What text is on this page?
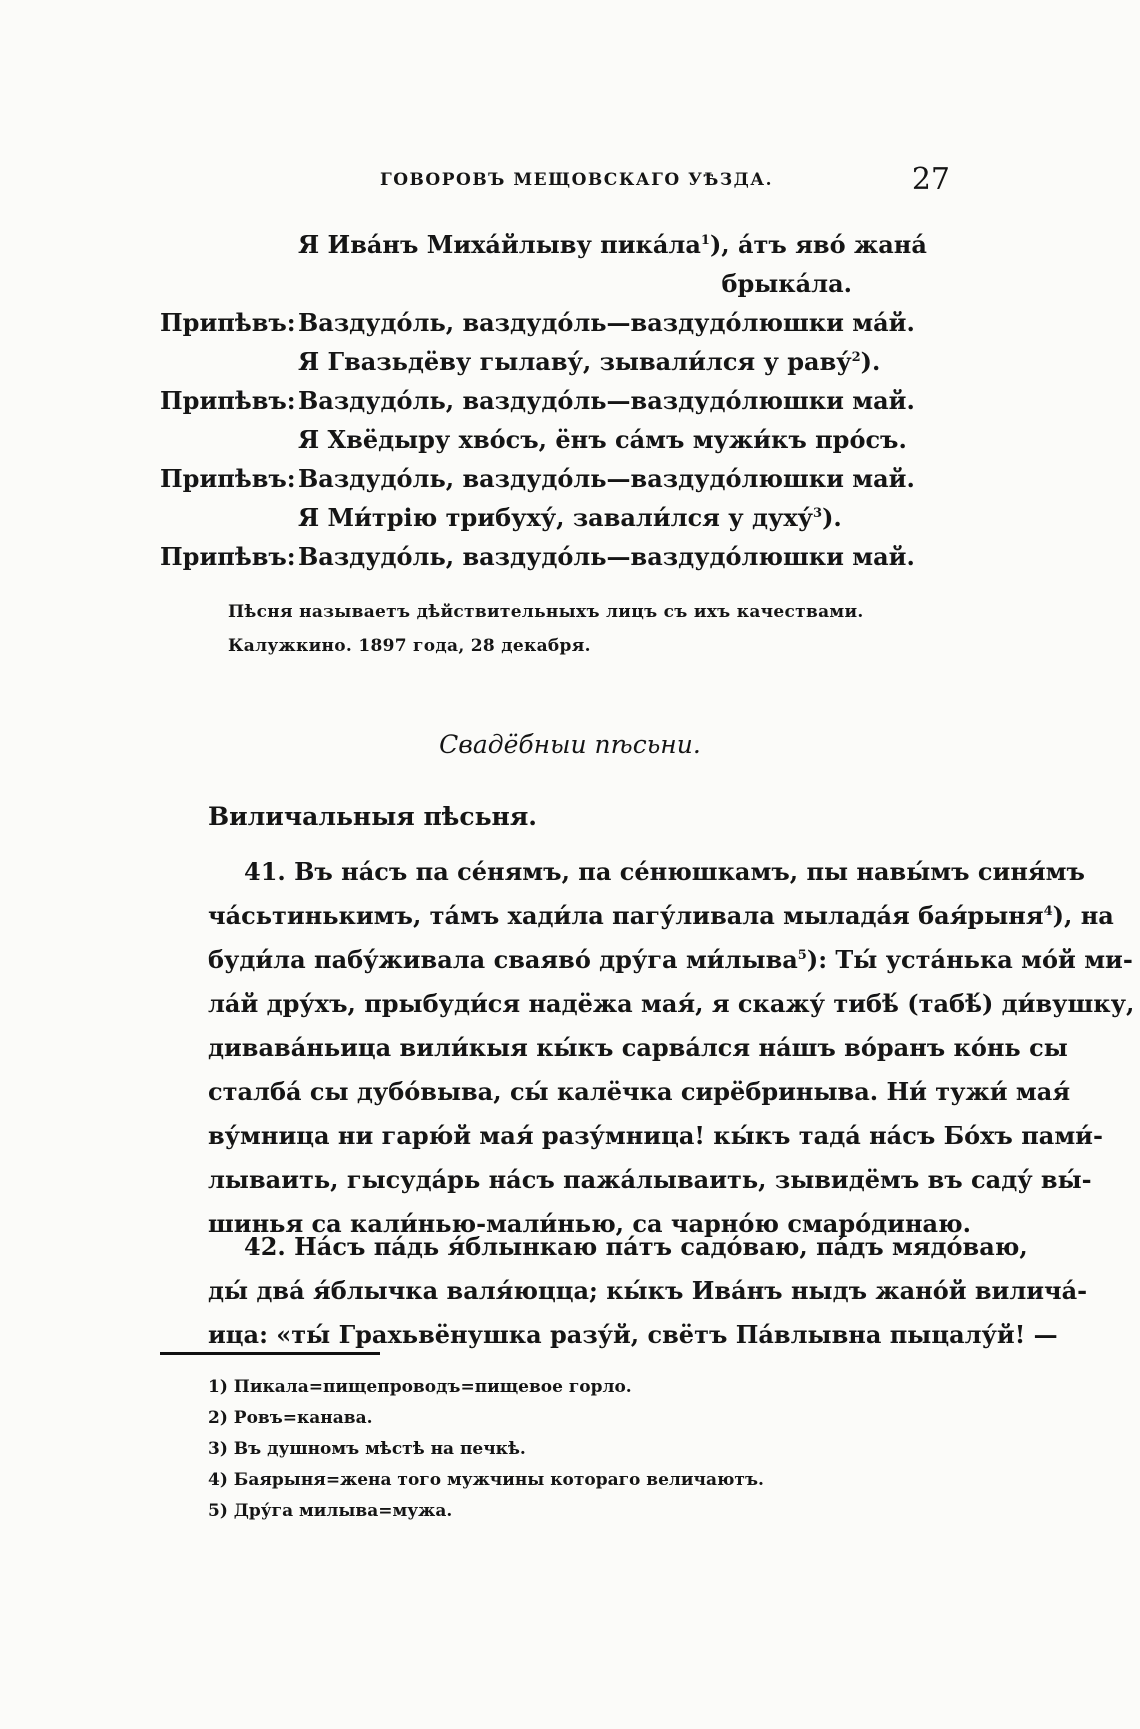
ГОВОРОВЪ МЕЩОВСКАГО УѢЗДА.	27
Я Ива́нъ Миха́йлыву $пика́ла^1$), а́тъ яво́ жана́
брыка́ла.
Припѣвъ: Вaздудо́ль, ваздудо́ль—ваздудо́люшки мáй.
Я Гвазьдёву гылаву́, зывали́лся у раву́$^2$).
Припѣвъ: Ваздудо́ль, ваздудо́ль—ваздудо́люшки май.
Я Хвёдыру хво́съ, ёнъ са́мъ мужи́къ про́съ.
Припѣвъ: Ваздудо́ль, ваздудо́ль—ваздудо́люшки май.
Я Ми́трію трибуху́, завали́лся у духу́$^3$).
Припѣвъ: Ваздудо́ль, ваздудо́ль—ваздудо́люшки май.
Пѣсня называетъ дѣйствительныхъ лицъ съ ихъ качествами.
Калужкино. 1897 года, 28 декабря.
Свадёбныи пѣсьни.
Виличальныя пѣсьня.
41. Въ на́съ па се́нямъ, па се́нюшкамъ, пы навы́мъ синя́мъ
ча́сьтинькимъ, та́мъ хади́ла пагу́ливала мылада́я бая́рыня$^4$), на
буди́ла пабу́живала сваяво́ дру́га ми́лыва$^5$): Ты́ уста́нька мо́й ми-
ла́й дру́хъ, прыбуди́ся надёжа мая́, я скажу́ тибѣ́ (табѣ́) ди́вушку,
дивава́ньица вили́кыя кы́къ сарва́лся на́шъ во́ранъ ко́нь сы
сталба́ сы дубо́вывa, сы́ калёчка сирёбринывa. Ни́ тужи́ мая́
ву́мница ни гарю́й мая́ разу́мница! кы́къ тада́ на́съ Бо́хъ пами́-
лываить, гысуда́рь на́съ пажа́лываить, зывидёмъ въ саду́ вы́-
шинья са кали́нью-мали́нью, са чарно́ю смаро́динаю.
42. На́съ па́дь я́блынкаю па́тъ садо́ваю, па́дъ мядо́ваю,
ды́ два́ я́блычка валя́юцца; кы́къ Ива́нъ ныдъ жано́й вилича́-
ица: «ты́ Грахьвёнушка разу́й, свётъ Па́влывна пыцалу́й! —
1) Пикала=пищепроводъ=пищевое горло.
2) Ровъ=канава.
3) Въ душномъ мѣстѣ на печкѣ.
4) Баярыня=жена того мужчины котораго величаютъ.
5) Дру́га милыва=мужа.
